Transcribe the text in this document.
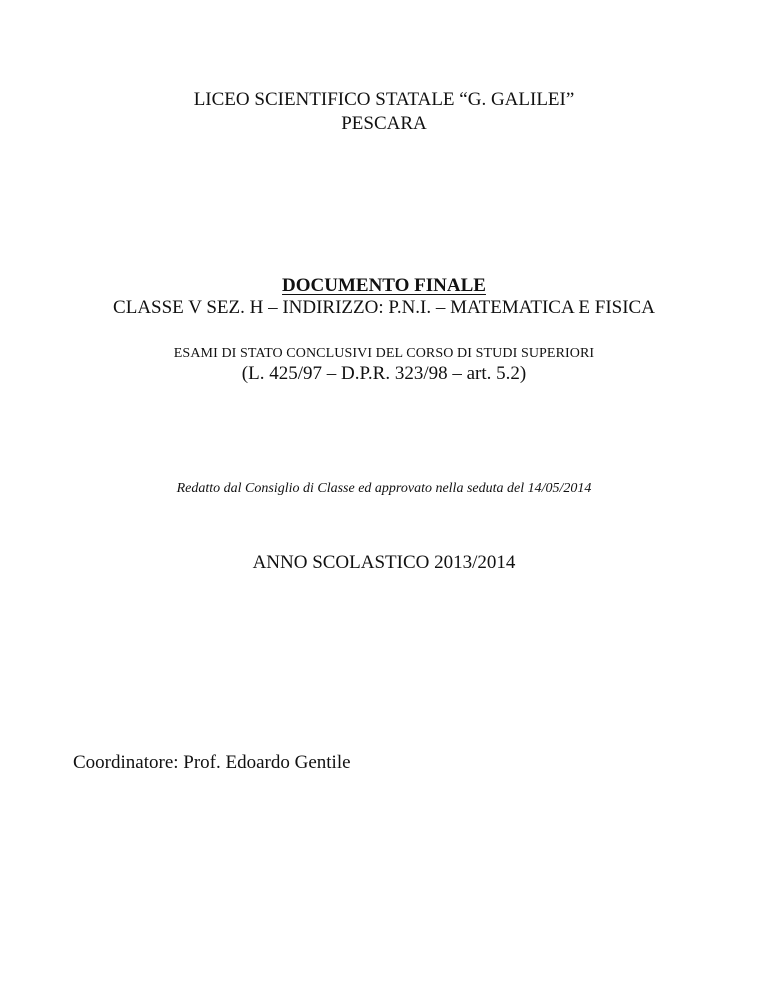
LICEO SCIENTIFICO STATALE “G. GALILEI”
PESCARA
DOCUMENTO FINALE
CLASSE V SEZ. H – INDIRIZZO: P.N.I. – MATEMATICA E FISICA
ESAMI DI STATO CONCLUSIVI DEL CORSO DI STUDI SUPERIORI
(L. 425/97 – D.P.R. 323/98 – art. 5.2)
Redatto dal Consiglio di Classe ed approvato nella seduta del 14/05/2014
ANNO SCOLASTICO 2013/2014
Coordinatore: Prof. Edoardo Gentile
